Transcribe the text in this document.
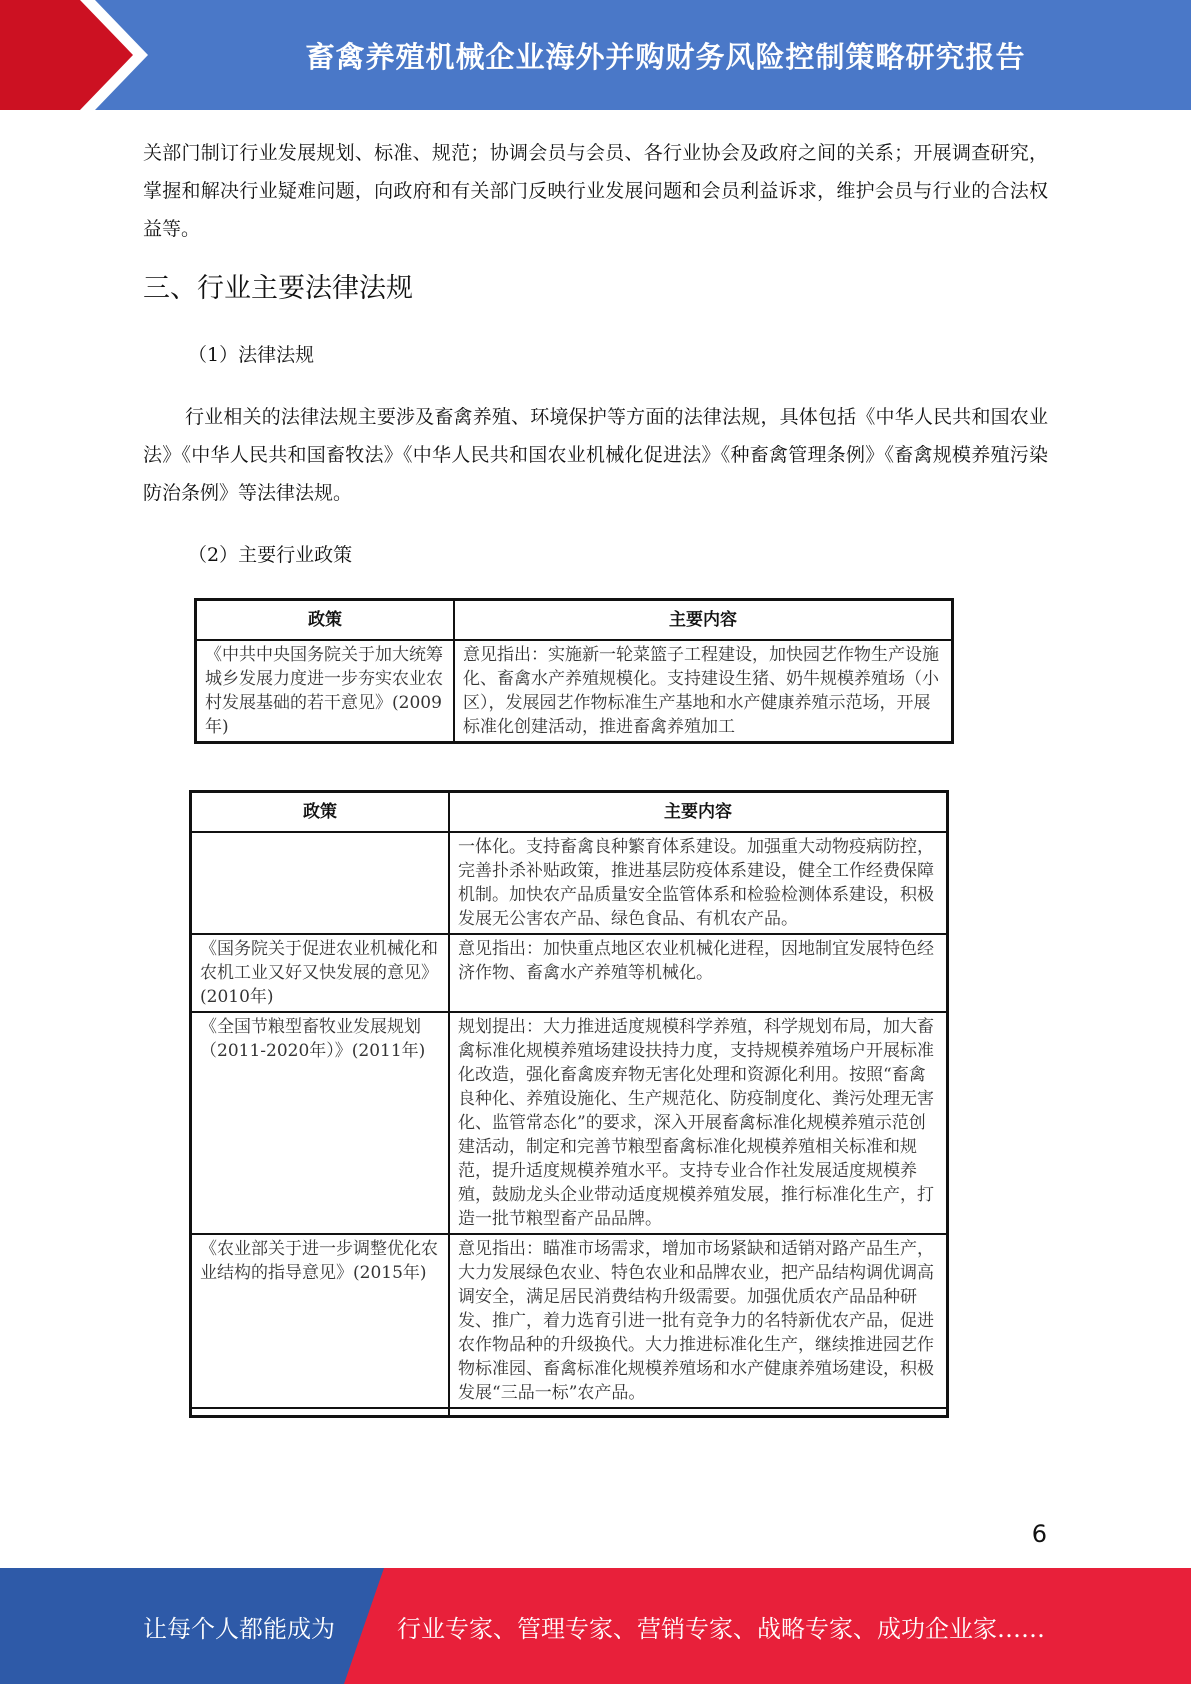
畜禽养殖机械企业海外并购财务风险控制策略研究报告
关部门制订行业发展规划、标准、规范；协调会员与会员、各行业协会及政府之间的关系；开展调查研究，掌握和解决行业疑难问题，向政府和有关部门反映行业发展问题和会员利益诉求，维护会员与行业的合法权益等。
三、行业主要法律法规
（1）法律法规
行业相关的法律法规主要涉及畜禽养殖、环境保护等方面的法律法规，具体包括《中华人民共和国农业法》《中华人民共和国畜牧法》《中华人民共和国农业机械化促进法》《种畜禽管理条例》《畜禽规模养殖污染防治条例》等法律法规。
（2）主要行业政策
政策	主要内容
《中共中央国务院关于加大统筹城乡发展力度进一步夯实农业农村发展基础的若干意见》(2009年)	意见指出：实施新一轮菜篮子工程建设，加快园艺作物生产设施化、畜禽水产养殖规模化。支持建设生猪、奶牛规模养殖场（小区），发展园艺作物标准生产基地和水产健康养殖示范场，开展标准化创建活动，推进畜禽养殖加工
政策	主要内容
	一体化。支持畜禽良种繁育体系建设。加强重大动物疫病防控，完善扑杀补贴政策，推进基层防疫体系建设，健全工作经费保障机制。加快农产品质量安全监管体系和检验检测体系建设，积极发展无公害农产品、绿色食品、有机农产品。
《国务院关于促进农业机械化和农机工业又好又快发展的意见》(2010年)	意见指出：加快重点地区农业机械化进程，因地制宜发展特色经济作物、畜禽水产养殖等机械化。
《全国节粮型畜牧业发展规划（2011-2020年）》(2011年)	规划提出：大力推进适度规模科学养殖，科学规划布局，加大畜禽标准化规模养殖场建设扶持力度，支持规模养殖场户开展标准化改造，强化畜禽废弃物无害化处理和资源化利用。按照“畜禽良种化、养殖设施化、生产规范化、防疫制度化、粪污处理无害化、监管常态化”的要求，深入开展畜禽标准化规模养殖示范创建活动，制定和完善节粮型畜禽标准化规模养殖相关标准和规范，提升适度规模养殖水平。支持专业合作社发展适度规模养殖，鼓励龙头企业带动适度规模养殖发展，推行标准化生产，打造一批节粮型畜产品品牌。
《农业部关于进一步调整优化农业结构的指导意见》(2015年)	意见指出：瞄准市场需求，增加市场紧缺和适销对路产品生产，大力发展绿色农业、特色农业和品牌农业，把产品结构调优调高调安全，满足居民消费结构升级需要。加强优质农产品品种研发、推广，着力选育引进一批有竞争力的名特新优农产品，促进农作物品种的升级换代。大力推进标准化生产，继续推进园艺作物标准园、畜禽标准化规模养殖场和水产健康养殖场建设，积极发展“三品一标”农产品。

6
让每个人都能成为	行业专家、管理专家、营销专家、战略专家、成功企业家……
